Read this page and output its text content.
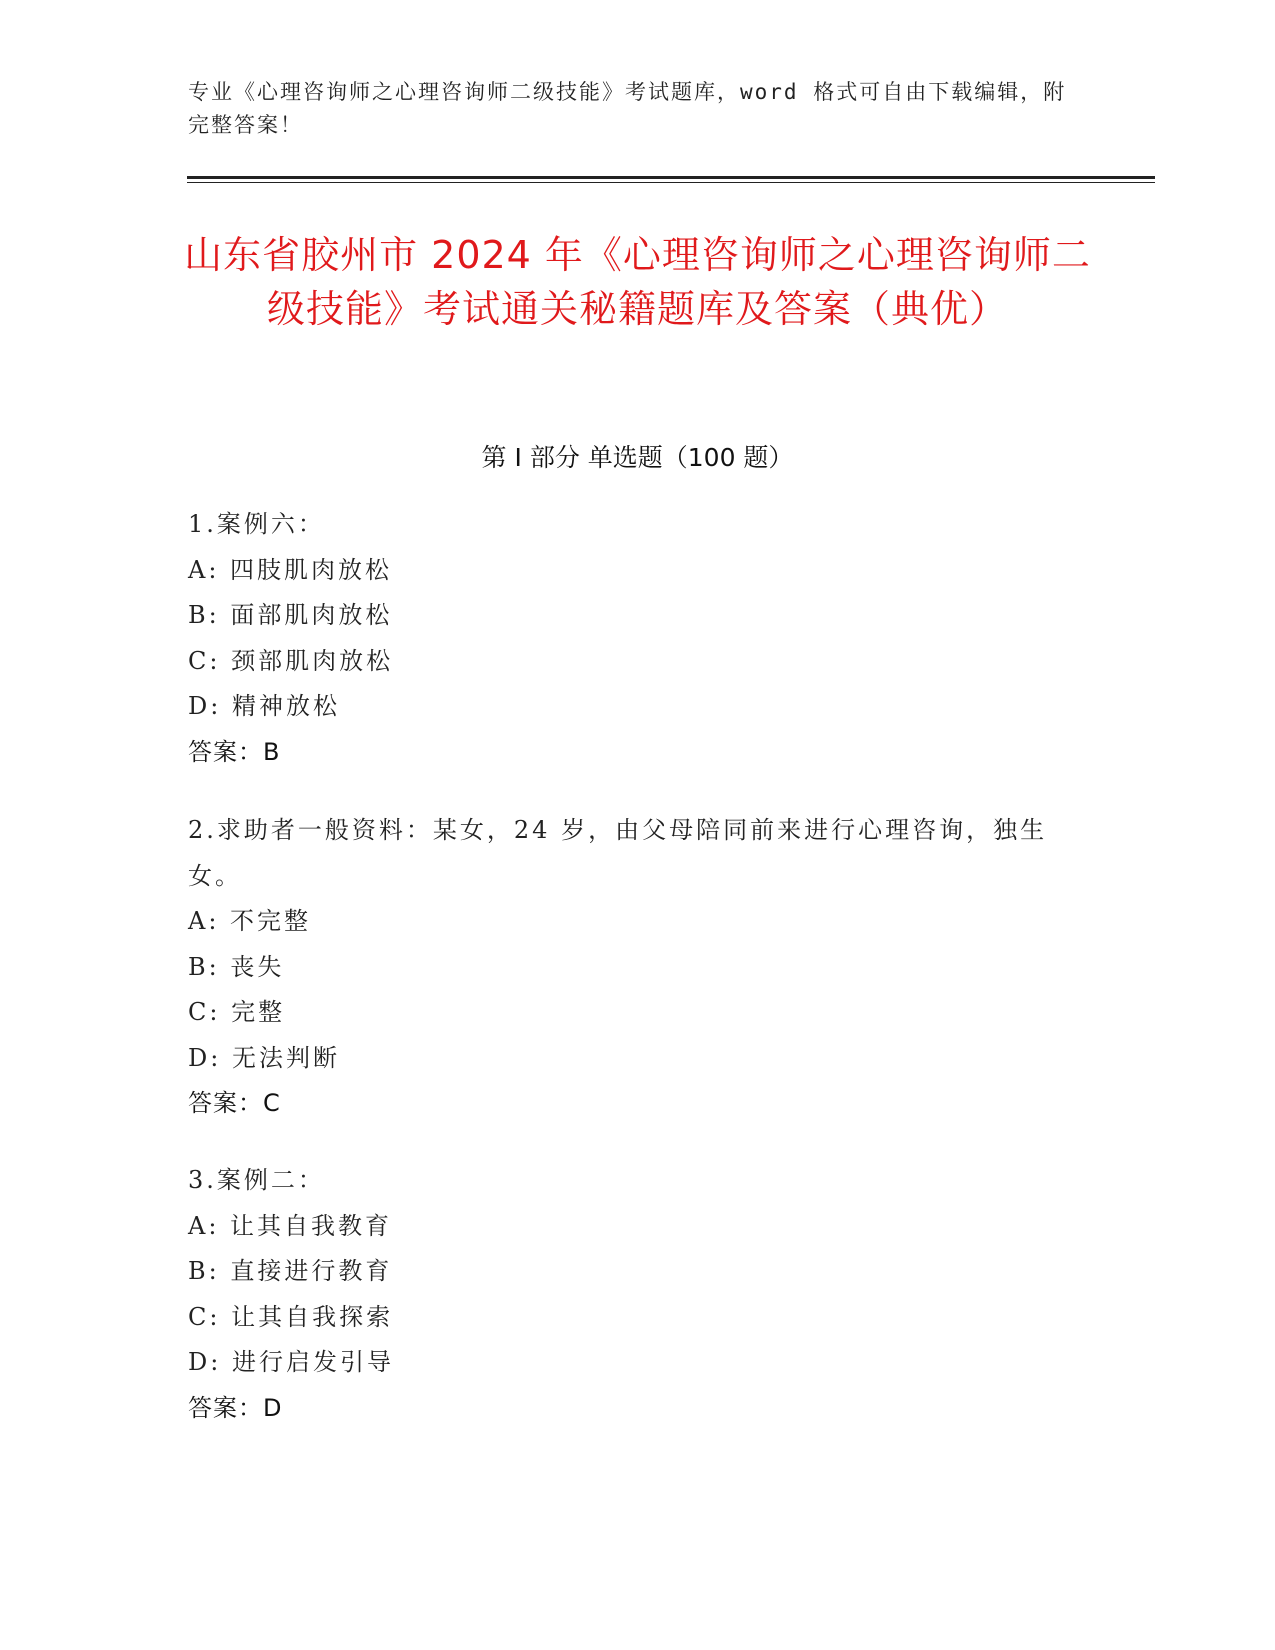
专业《心理咨询师之心理咨询师二级技能》考试题库，word 格式可自由下载编辑，附完整答案！
山东省胶州市 2024 年《心理咨询师之心理咨询师二级技能》考试通关秘籍题库及答案（典优）
第 I 部分 单选题（100 题）
1.案例六：
A: 四肢肌肉放松
B: 面部肌肉放松
C: 颈部肌肉放松
D: 精神放松
答案：B
2.求助者一般资料：某女，24 岁，由父母陪同前来进行心理咨询，独生女。
A: 不完整
B: 丧失
C: 完整
D: 无法判断
答案：C
3.案例二：
A: 让其自我教育
B: 直接进行教育
C: 让其自我探索
D: 进行启发引导
答案：D
